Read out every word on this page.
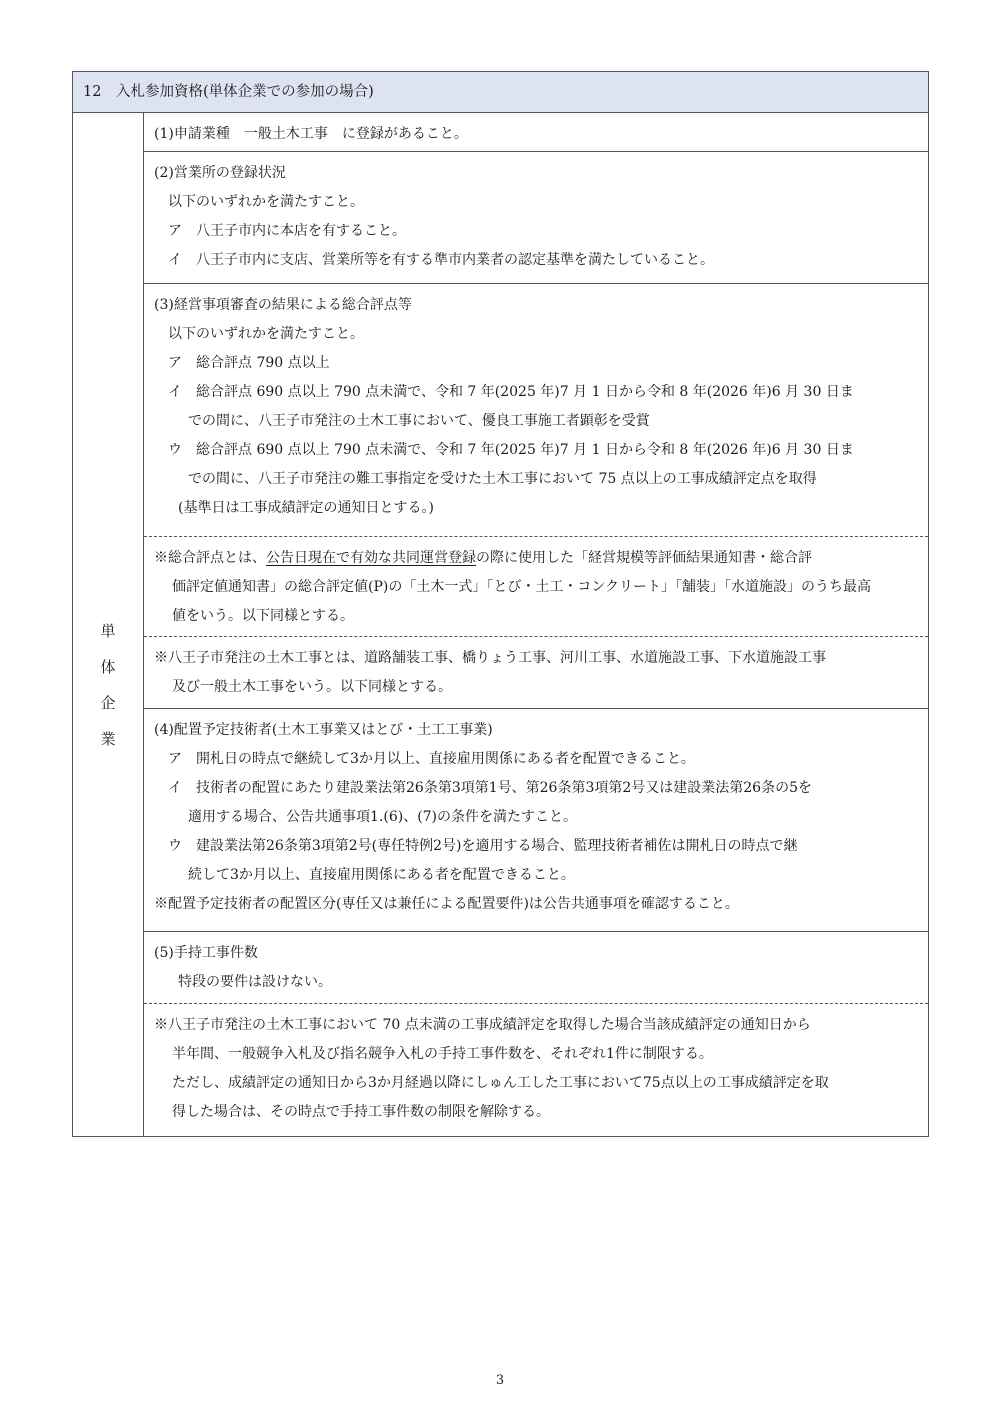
12　入札参加資格(単体企業での参加の場合)
単
体
企
業
(1)申請業種　一般土木工事　に登録があること。
(2)営業所の登録状況
以下のいずれかを満たすこと。
ア　八王子市内に本店を有すること。
イ　八王子市内に支店、営業所等を有する準市内業者の認定基準を満たしていること。
(3)経営事項審査の結果による総合評点等
以下のいずれかを満たすこと。
ア　総合評点 790 点以上
イ　総合評点 690 点以上 790 点未満で、令和 7 年(2025 年)7 月 1 日から令和 8 年(2026 年)6 月 30 日ま
での間に、八王子市発注の土木工事において、優良工事施工者顕彰を受賞
ウ　総合評点 690 点以上 790 点未満で、令和 7 年(2025 年)7 月 1 日から令和 8 年(2026 年)6 月 30 日ま
での間に、八王子市発注の難工事指定を受けた土木工事において 75 点以上の工事成績評定点を取得
(基準日は工事成績評定の通知日とする。)
※総合評点とは、公告日現在で有効な共同運営登録の際に使用した「経営規模等評価結果通知書・総合評
価評定値通知書」の総合評定値(P)の「土木一式」「とび・土工・コンクリート」「舗装」「水道施設」のうち最高
値をいう。以下同様とする。
※八王子市発注の土木工事とは、道路舗装工事、橋りょう工事、河川工事、水道施設工事、下水道施設工事
及び一般土木工事をいう。以下同様とする。
(4)配置予定技術者(土木工事業又はとび・土工工事業)
ア　開札日の時点で継続して3か月以上、直接雇用関係にある者を配置できること。
イ　技術者の配置にあたり建設業法第26条第3項第1号、第26条第3項第2号又は建設業法第26条の5を
適用する場合、公告共通事項1.(6)、(7)の条件を満たすこと。
ウ　建設業法第26条第3項第2号(専任特例2号)を適用する場合、監理技術者補佐は開札日の時点で継
続して3か月以上、直接雇用関係にある者を配置できること。
※配置予定技術者の配置区分(専任又は兼任による配置要件)は公告共通事項を確認すること。
(5)手持工事件数
特段の要件は設けない。
※八王子市発注の土木工事において 70 点未満の工事成績評定を取得した場合当該成績評定の通知日から
半年間、一般競争入札及び指名競争入札の手持工事件数を、それぞれ1件に制限する。
ただし、成績評定の通知日から3か月経過以降にしゅん工した工事において75点以上の工事成績評定を取
得した場合は、その時点で手持工事件数の制限を解除する。
3
